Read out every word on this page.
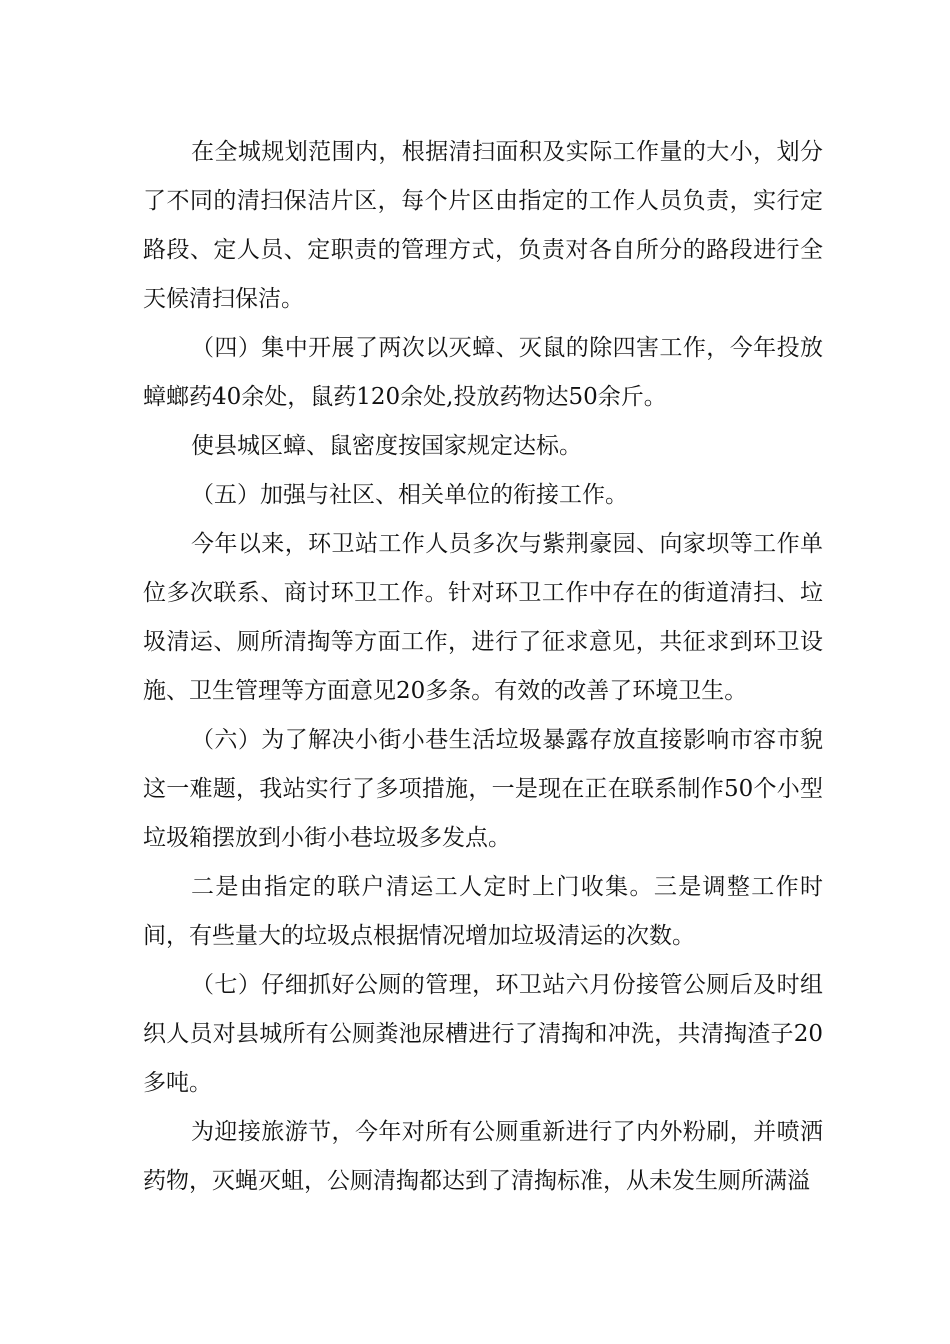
在全城规划范围内，根据清扫面积及实际工作量的大小，划分了不同的清扫保洁片区，每个片区由指定的工作人员负责，实行定路段、定人员、定职责的管理方式，负责对各自所分的路段进行全天候清扫保洁。

（四）集中开展了两次以灭蟑、灭鼠的除四害工作，今年投放蟑螂药40余处，鼠药120余处,投放药物达50余斤。

使县城区蟑、鼠密度按国家规定达标。

（五）加强与社区、相关单位的衔接工作。

今年以来，环卫站工作人员多次与紫荆豪园、向家坝等工作单位多次联系、商讨环卫工作。针对环卫工作中存在的街道清扫、垃圾清运、厕所清掏等方面工作，进行了征求意见，共征求到环卫设施、卫生管理等方面意见20多条。有效的改善了环境卫生。

（六）为了解决小街小巷生活垃圾暴露存放直接影响市容市貌这一难题，我站实行了多项措施，一是现在正在联系制作50个小型垃圾箱摆放到小街小巷垃圾多发点。

二是由指定的联户清运工人定时上门收集。三是调整工作时间，有些量大的垃圾点根据情况增加垃圾清运的次数。

（七）仔细抓好公厕的管理，环卫站六月份接管公厕后及时组织人员对县城所有公厕粪池尿槽进行了清掏和冲洗，共清掏渣子20多吨。

为迎接旅游节，今年对所有公厕重新进行了内外粉刷，并喷洒药物，灭蝇灭蛆，公厕清掏都达到了清掏标准，从未发生厕所满溢
